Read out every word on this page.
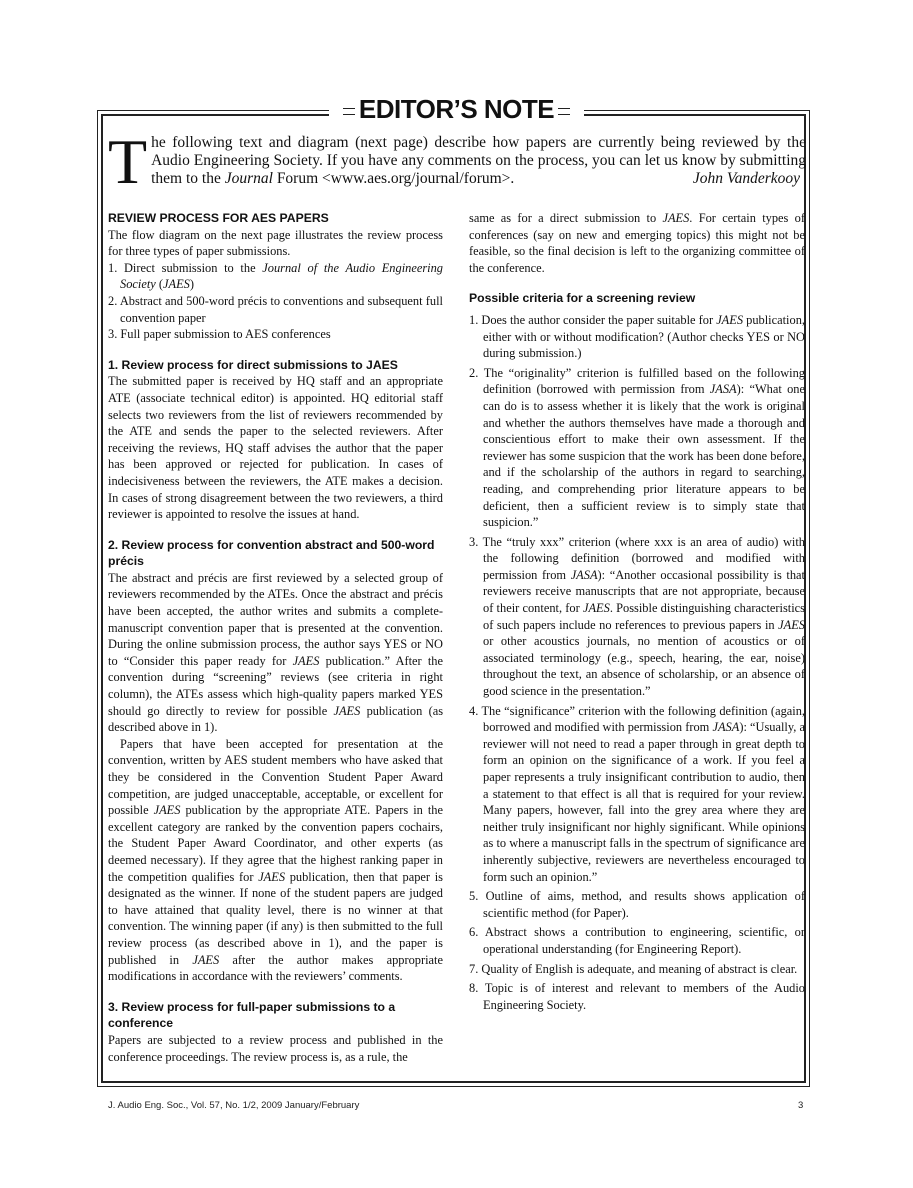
EDITOR’S NOTE
The following text and diagram (next page) describe how papers are currently being reviewed by the Audio Engineering Society. If you have any comments on the process, you can let us know by submitting them to the Journal Forum <www.aes.org/journal/forum>.	John Vanderkooy
REVIEW PROCESS FOR AES PAPERS

The flow diagram on the next page illustrates the review process for three types of paper submissions.

1. Direct submission to the Journal of the Audio Engineering Society (JAES)

2. Abstract and 500-word précis to conventions and subsequent full convention paper

3. Full paper submission to AES conferences

1. Review process for direct submissions to JAES

The submitted paper is received by HQ staff and an appropriate ATE (associate technical editor) is appointed. HQ editorial staff selects two reviewers from the list of reviewers recommended by the ATE and sends the paper to the selected reviewers. After receiving the reviews, HQ staff advises the author that the paper has been approved or rejected for publication. In cases of indecisiveness between the reviewers, the ATE makes a decision. In cases of strong disagreement between the two reviewers, a third reviewer is appointed to resolve the issues at hand.

2. Review process for convention abstract and 500-word précis

The abstract and précis are first reviewed by a selected group of reviewers recommended by the ATEs. Once the abstract and précis have been accepted, the author writes and submits a complete-manuscript convention paper that is presented at the convention. During the online submission process, the author says YES or NO to “Consider this paper ready for JAES publication.” After the convention during “screening” reviews (see criteria in right column), the ATEs assess which high-quality papers marked YES should go directly to review for possible JAES publication (as described above in 1).

Papers that have been accepted for presentation at the convention, written by AES student members who have asked that they be considered in the Convention Student Paper Award competition, are judged unacceptable, acceptable, or excellent for possible JAES publication by the appropriate ATE. Papers in the excellent category are ranked by the convention papers cochairs, the Student Paper Award Coordinator, and other experts (as deemed necessary). If they agree that the highest ranking paper in the competition qualifies for JAES publication, then that paper is designated as the winner. If none of the student papers are judged to have attained that quality level, there is no winner at that convention. The winning paper (if any) is then submitted to the full review process (as described above in 1), and the paper is published in JAES after the author makes appropriate modifications in accordance with the reviewers’ comments.

3. Review process for full-paper submissions to a conference

Papers are subjected to a review process and published in the conference proceedings. The review process is, as a rule, the

same as for a direct submission to JAES. For certain types of conferences (say on new and emerging topics) this might not be feasible, so the final decision is left to the organizing committee of the conference.

Possible criteria for a screening review

1. Does the author consider the paper suitable for JAES publication, either with or without modification? (Author checks YES or NO during submission.)

2. The “originality” criterion is fulfilled based on the following definition (borrowed with permission from JASA): “What one can do is to assess whether it is likely that the work is original and whether the authors themselves have made a thorough and conscientious effort to make their own assessment. If the reviewer has some suspicion that the work has been done before, and if the scholarship of the authors in regard to searching, reading, and comprehending prior literature appears to be deficient, then a sufficient review is to simply state that suspicion.”

3. The “truly xxx” criterion (where xxx is an area of audio) with the following definition (borrowed and modified with permission from JASA): “Another occasional possibility is that reviewers receive manuscripts that are not appropriate, because of their content, for JAES. Possible distinguishing characteristics of such papers include no references to previous papers in JAES or other acoustics journals, no mention of acoustics or of associated terminology (e.g., speech, hearing, the ear, noise) throughout the text, an absence of scholarship, or an absence of good science in the presentation.”

4. The “significance” criterion with the following definition (again, borrowed and modified with permission from JASA): “Usually, a reviewer will not need to read a paper through in great depth to form an opinion on the significance of a work. If you feel a paper represents a truly insignificant contribution to audio, then a statement to that effect is all that is required for your review. Many papers, however, fall into the grey area where they are neither truly insignificant nor highly significant. While opinions as to where a manuscript falls in the spectrum of significance are inherently subjective, reviewers are nevertheless encouraged to form such an opinion.”

5. Outline of aims, method, and results shows application of scientific method (for Paper).

6. Abstract shows a contribution to engineering, scientific, or operational understanding (for Engineering Report).

7. Quality of English is adequate, and meaning of abstract is clear.

8. Topic is of interest and relevant to members of the Audio Engineering Society.

J. Audio Eng. Soc., Vol. 57, No. 1/2, 2009 January/February	3
